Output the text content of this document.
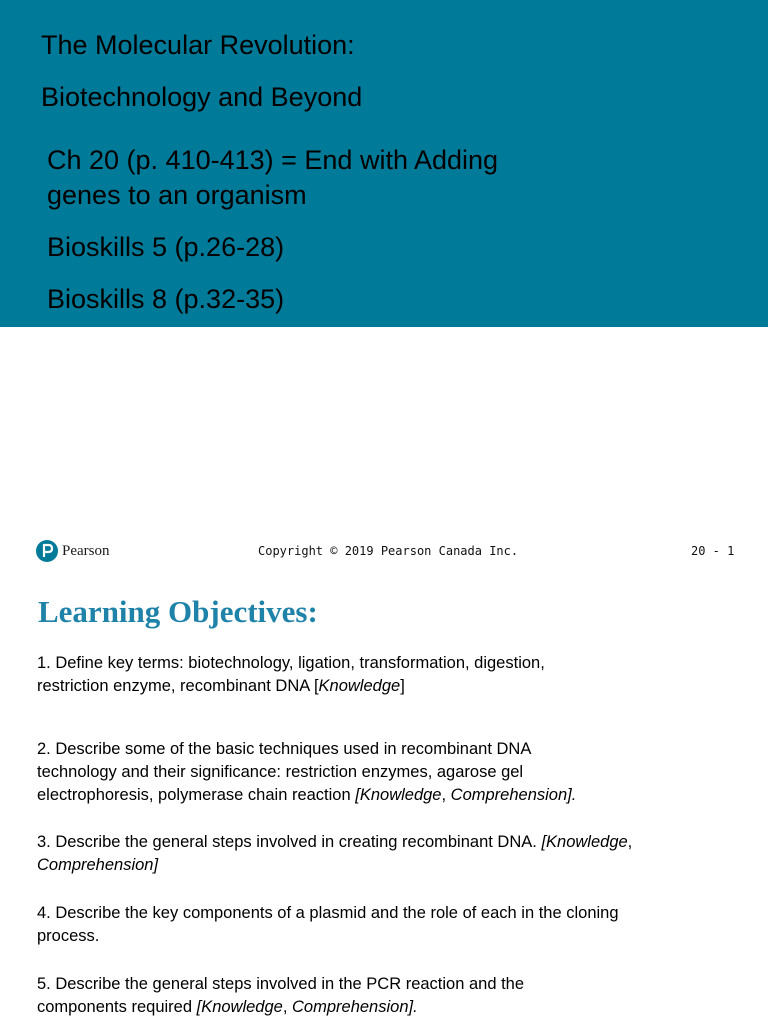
The Molecular Revolution:
Biotechnology and Beyond
Ch 20 (p. 410-413) = End with Adding
genes to an organism
Bioskills 5 (p.26-28)
Bioskills 8 (p.32-35)
Pearson	Copyright © 2019 Pearson Canada Inc.	20 - 1
Learning Objectives:
1. Define key terms: biotechnology, ligation, transformation, digestion,
restriction enzyme, recombinant DNA [Knowledge]
2. Describe some of the basic techniques used in recombinant DNA
technology and their significance: restriction enzymes, agarose gel
electrophoresis, polymerase chain reaction [Knowledge, Comprehension].
3. Describe the general steps involved in creating recombinant DNA. [Knowledge,
Comprehension]
4. Describe the key components of a plasmid and the role of each in the cloning
process.
5. Describe the general steps involved in the PCR reaction and the
components required [Knowledge, Comprehension].
